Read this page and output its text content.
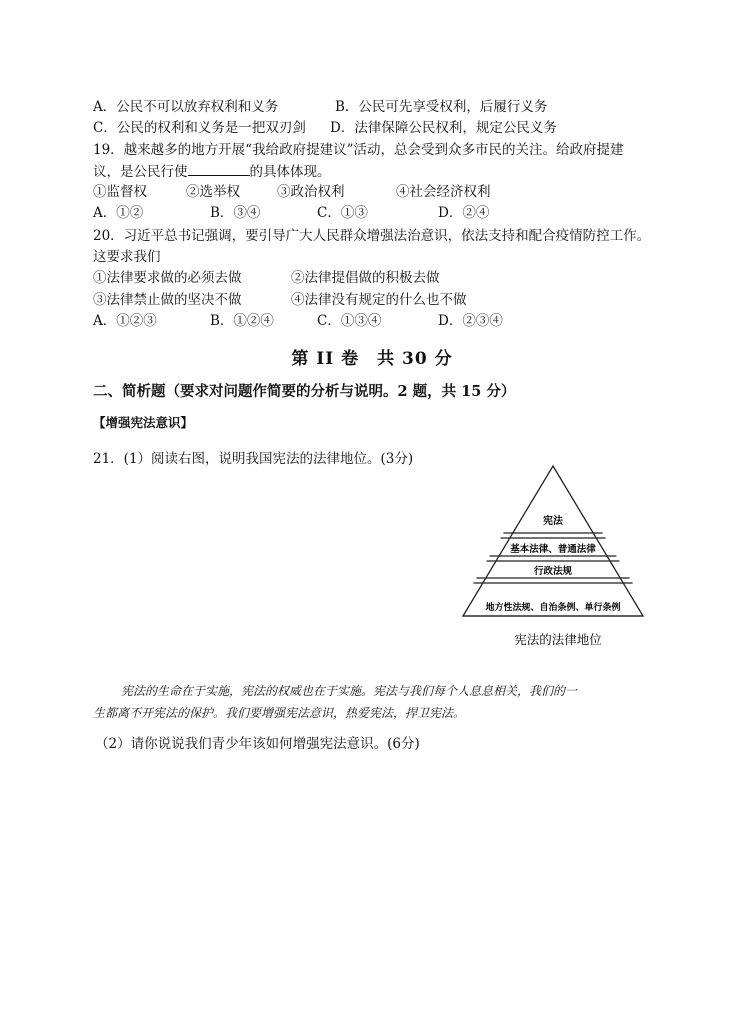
A．公民不可以放弃权利和义务	B．公民可先享受权利，后履行义务
C．公民的权利和义务是一把双刃剑 D．法律保障公民权利，规定公民义务
19．越来越多的地方开展“我给政府提建议”活动，总会受到众多市民的关注。给政府提建
议，是公民行使	的具体体现。
①监督权	②选举权	③政治权利	④社会经济权利
A．①②	B．③④	C．①③	D．②④
20．习近平总书记强调，要引导广大人民群众增强法治意识，依法支持和配合疫情防控工作。
这要求我们
①法律要求做的必须去做	②法律提倡做的积极去做
③法律禁止做的坚决不做	④法律没有规定的什么也不做
A．①②③	B．①②④	C．①③④	D．②③④
第 II 卷　共 30 分
二、简析题（要求对问题作简要的分析与说明。2 题，共 15 分）
【增强宪法意识】
21．(1）阅读右图，说明我国宪法的法律地位。(3分)
宪法
基本法律、普通法律
行政法规
地方性法规、自治条例、单行条例
宪法的法律地位
宪法的生命在于实施，宪法的权威也在于实施。宪法与我们每个人息息相关，我们的一
生都离不开宪法的保护。我们要增强宪法意识，热爱宪法，捍卫宪法。
（2）请你说说我们青少年该如何增强宪法意识。(6分)
